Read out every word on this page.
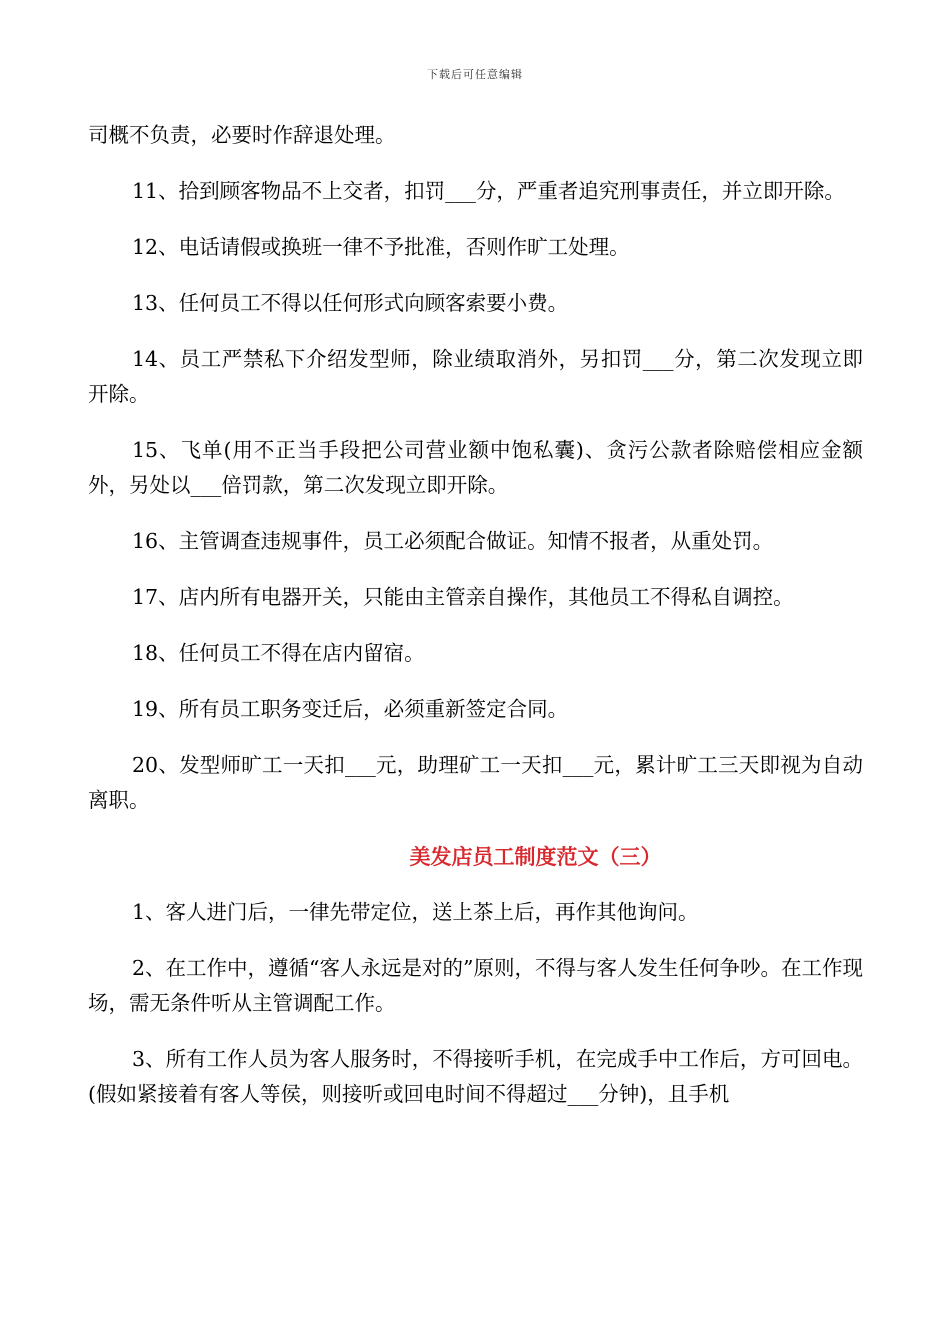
下载后可任意编辑

司概不负责，必要时作辞退处理。

11、拾到顾客物品不上交者，扣罚___分，严重者追究刑事责任，并立即开除。

12、电话请假或换班一律不予批准，否则作旷工处理。

13、任何员工不得以任何形式向顾客索要小费。

14、员工严禁私下介绍发型师，除业绩取消外，另扣罚___分，第二次发现立即开除。

15、飞单(用不正当手段把公司营业额中饱私囊)、贪污公款者除赔偿相应金额外，另处以___倍罚款，第二次发现立即开除。

16、主管调查违规事件，员工必须配合做证。知情不报者，从重处罚。

17、店内所有电器开关，只能由主管亲自操作，其他员工不得私自调控。

18、任何员工不得在店内留宿。

19、所有员工职务变迁后，必须重新签定合同。

20、发型师旷工一天扣___元，助理矿工一天扣___元，累计旷工三天即视为自动离职。

美发店员工制度范文（三）

1、客人进门后，一律先带定位，送上茶上后，再作其他询问。

2、在工作中，遵循“客人永远是对的”原则，不得与客人发生任何争吵。在工作现场，需无条件听从主管调配工作。

3、所有工作人员为客人服务时，不得接听手机，在完成手中工作后，方可回电。(假如紧接着有客人等侯，则接听或回电时间不得超过___分钟)，且手机
